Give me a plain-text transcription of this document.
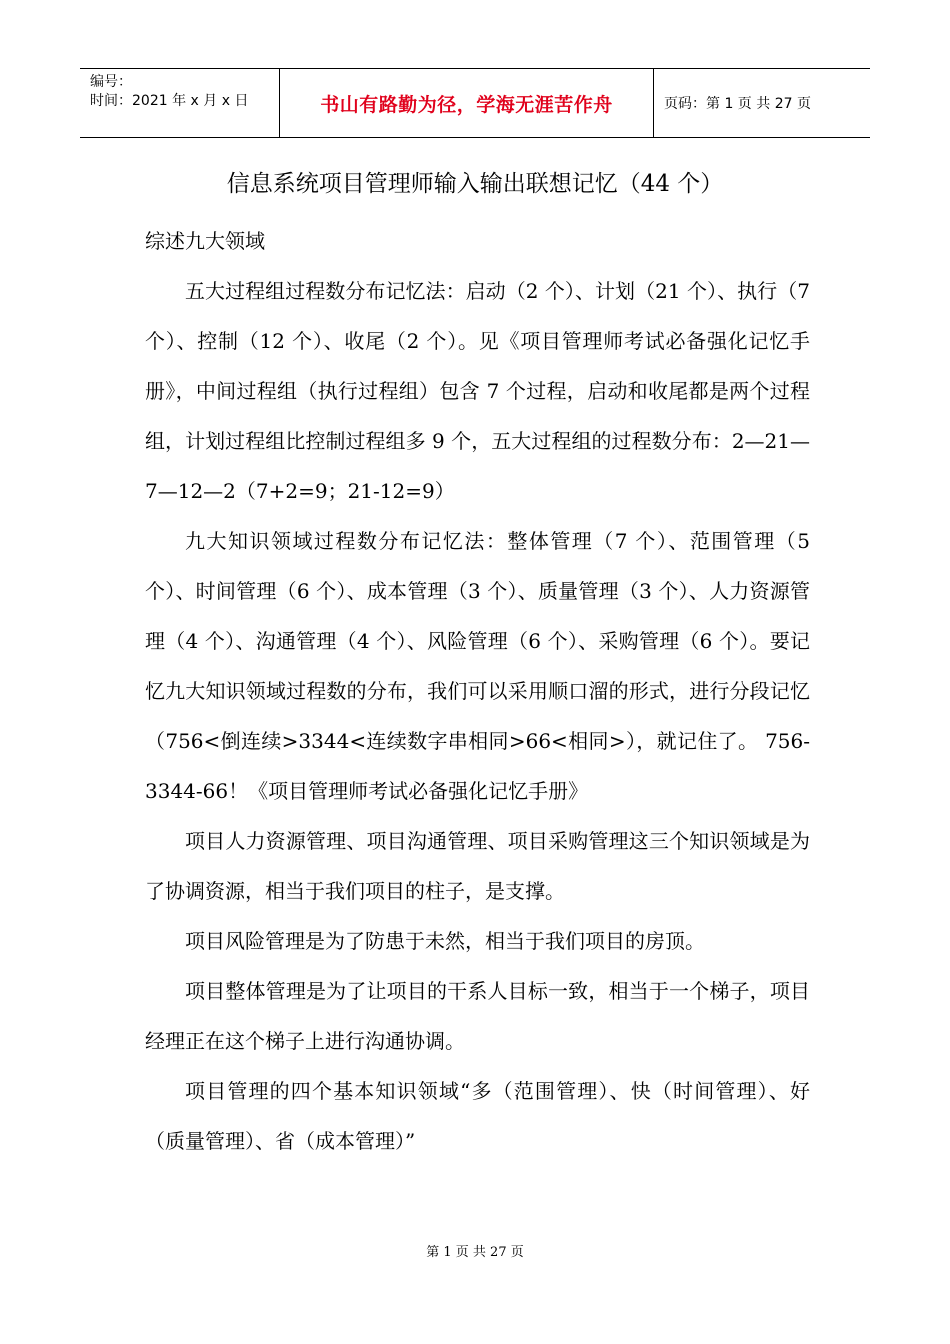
编号：
时间：2021 年 x 月 x 日	书山有路勤为径，学海无涯苦作舟	页码：第 1 页 共 27 页
信息系统项目管理师输入输出联想记忆（44 个）

综述九大领域

五大过程组过程数分布记忆法：启动（2 个）、计划（21 个）、执行（7 个）、控制（12 个）、收尾（2 个）。见《项目管理师考试必备强化记忆手册》，中间过程组（执行过程组）包含 7 个过程，启动和收尾都是两个过程组，计划过程组比控制过程组多 9 个，五大过程组的过程数分布：2—21—7—12—2（7+2=9；21-12=9）

九大知识领域过程数分布记忆法：整体管理（7 个）、范围管理（5 个）、时间管理（6 个）、成本管理（3 个）、质量管理（3 个）、人力资源管理（4 个）、沟通管理（4 个）、风险管理（6 个）、采购管理（6 个）。要记忆九大知识领域过程数的分布，我们可以采用顺口溜的形式，进行分段记忆（756<倒连续>3344<连续数字串相同>66<相同>），就记住了。 756-3344-66！《项目管理师考试必备强化记忆手册》

项目人力资源管理、项目沟通管理、项目采购管理这三个知识领域是为了协调资源，相当于我们项目的柱子，是支撑。

项目风险管理是为了防患于未然，相当于我们项目的房顶。

项目整体管理是为了让项目的干系人目标一致，相当于一个梯子，项目经理正在这个梯子上进行沟通协调。

项目管理的四个基本知识领域“多（范围管理）、快（时间管理）、好（质量管理）、省（成本管理）”

第 1 页 共 27 页
